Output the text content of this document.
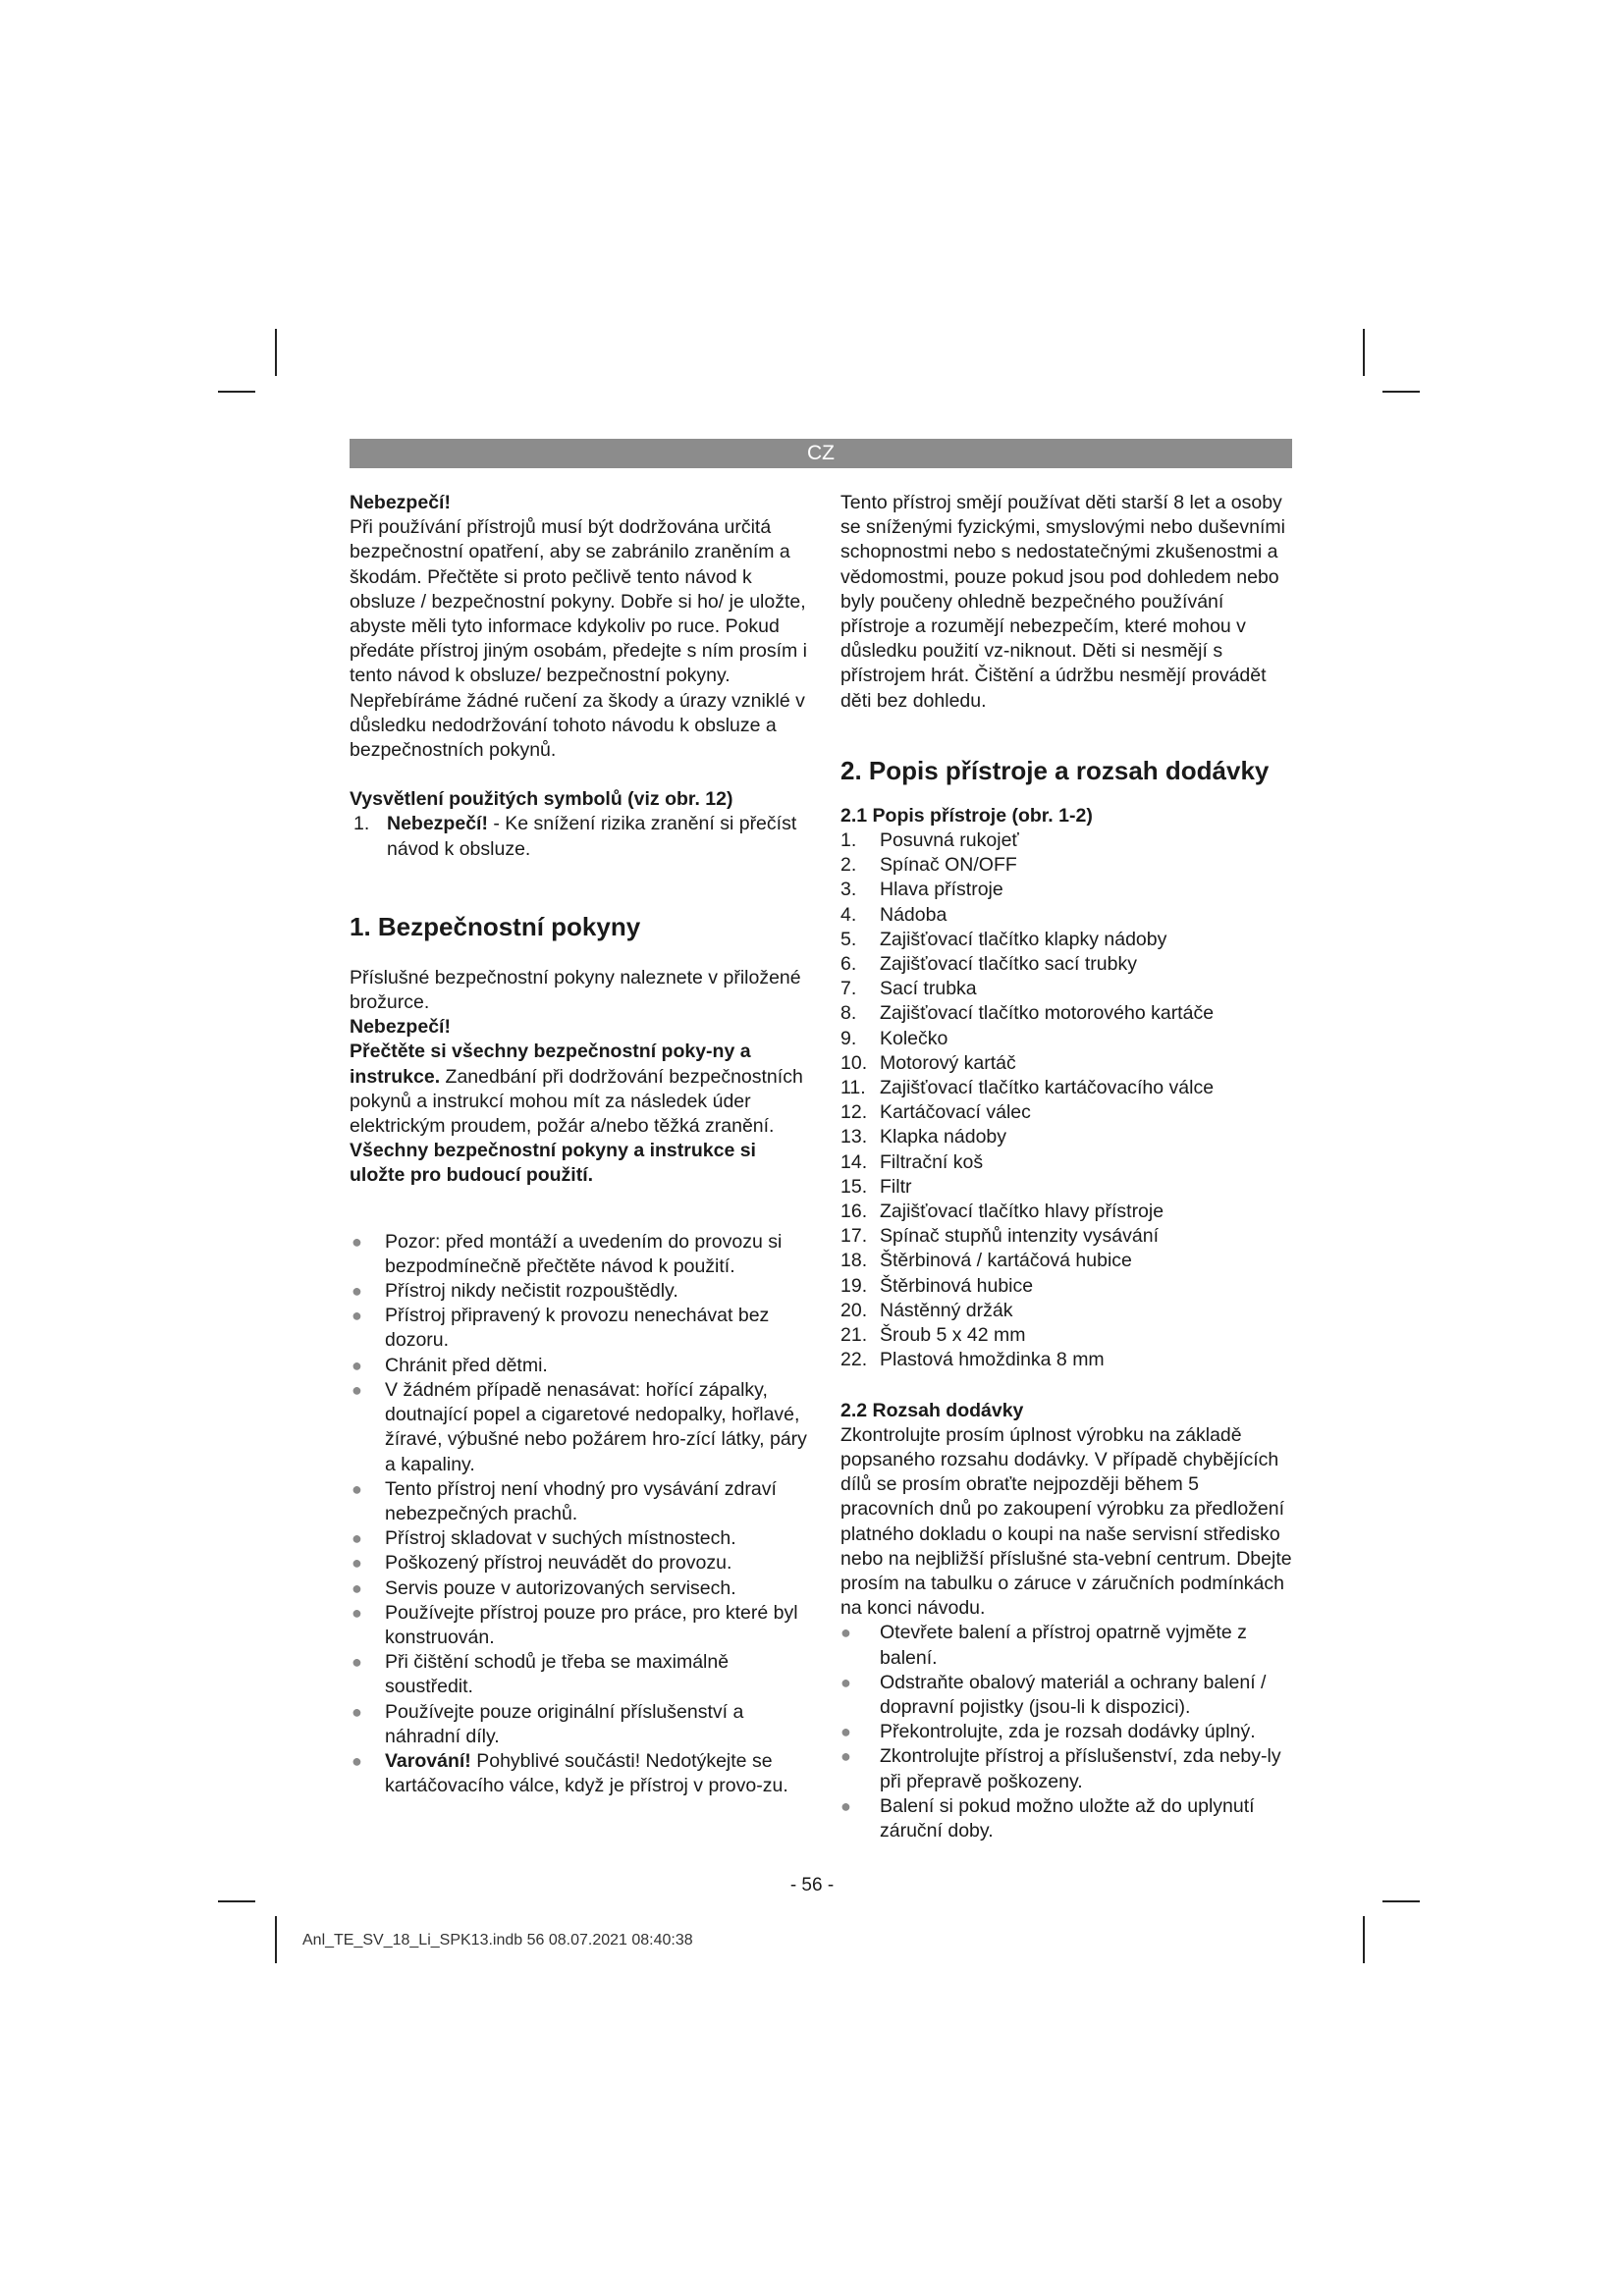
CZ

Nebezpečí!

Při používání přístrojů musí být dodržována určitá bezpečnostní opatření, aby se zabránilo zraněním a škodám. Přečtěte si proto pečlivě tento návod k obsluze / bezpečnostní pokyny. Dobře si ho/ je uložte, abyste měli tyto informace kdykoliv po ruce. Pokud předáte přístroj jiným osobám, předejte s ním prosím i tento návod k obsluze/ bezpečnostní pokyny. Nepřebíráme žádné ručení za škody a úrazy vzniklé v důsledku nedodržování tohoto návodu k obsluze a bezpečnostních pokynů.

Vysvětlení použitých symbolů (viz obr. 12)

1. Nebezpečí! - Ke snížení rizika zranění si přečíst návod k obsluze.
1. Bezpečnostní pokyny

Příslušné bezpečnostní pokyny naleznete v přiložené brožurce.

Nebezpečí!

Přečtěte si všechny bezpečnostní poky-ny a instrukce. Zanedbání při dodržování bezpečnostních pokynů a instrukcí mohou mít za následek úder elektrickým proudem, požár a/nebo těžká zranění. Všechny bezpečnostní pokyny a instrukce si uložte pro budoucí použití.

● Pozor: před montáží a uvedením do provozu si bezpodmínečně přečtěte návod k použití.
● Přístroj nikdy nečistit rozpouštědly.
● Přístroj připravený k provozu nenechávat bez dozoru.
● Chránit před dětmi.
● V žádném případě nenasávat: hořící zápalky, doutnající popel a cigaretové nedopalky, hořlavé, žíravé, výbušné nebo požárem hro-zící látky, páry a kapaliny.
● Tento přístroj není vhodný pro vysávání zdraví nebezpečných prachů.
● Přístroj skladovat v suchých místnostech.
● Poškozený přístroj neuvádět do provozu.
● Servis pouze v autorizovaných servisech.
● Používejte přístroj pouze pro práce, pro které byl konstruován.
● Při čištění schodů je třeba se maximálně soustředit.
● Používejte pouze originální příslušenství a náhradní díly.
● Varování! Pohyblivé součásti! Nedotýkejte se kartáčovacího válce, když je přístroj v provo-zu.

Tento přístroj smějí používat děti starší 8 let a osoby se sníženými fyzickými, smyslovými nebo duševními schopnostmi nebo s nedostatečnými zkušenostmi a vědomostmi, pouze pokud jsou pod dohledem nebo byly poučeny ohledně bezpečného používání přístroje a rozumějí nebezpečím, které mohou v důsledku použití vz-niknout. Děti si nesmějí s přístrojem hrát. Čištění a údržbu nesmějí provádět děti bez dohledu.

2. Popis přístroje a rozsah dodávky

2.1 Popis přístroje (obr. 1-2)

1. Posuvná rukojeť
2. Spínač ON/OFF
3. Hlava přístroje
4. Nádoba
5. Zajišťovací tlačítko klapky nádoby
6. Zajišťovací tlačítko sací trubky
7. Sací trubka
8. Zajišťovací tlačítko motorového kartáče
9. Kolečko
10. Motorový kartáč
11. Zajišťovací tlačítko kartáčovacího válce
12. Kartáčovací válec
13. Klapka nádoby
14. Filtrační koš
15. Filtr
16. Zajišťovací tlačítko hlavy přístroje
17. Spínač stupňů intenzity vysávání
18. Štěrbinová / kartáčová hubice
19. Štěrbinová hubice
20. Nástěnný držák
21. Šroub 5 x 42 mm
22. Plastová hmoždinka 8 mm

2.2 Rozsah dodávky

Zkontrolujte prosím úplnost výrobku na základě popsaného rozsahu dodávky. V případě chybějících dílů se prosím obraťte nejpozději během 5 pracovních dnů po zakoupení výrobku za předložení platného dokladu o koupi na naše servisní středisko nebo na nejbližší příslušné sta-vební centrum. Dbejte prosím na tabulku o záruce v záručních podmínkách na konci návodu.

● Otevřete balení a přístroj opatrně vyjměte z balení.
● Odstraňte obalový materiál a ochrany balení / dopravní pojistky (jsou-li k dispozici).
● Překontrolujte, zda je rozsah dodávky úplný.
● Zkontrolujte přístroj a příslušenství, zda neby-ly při přepravě poškozeny.
● Balení si pokud možno uložte až do uplynutí záruční doby.
- 56 -
Anl_TE_SV_18_Li_SPK13.indb 56 08.07.2021 08:40:38
